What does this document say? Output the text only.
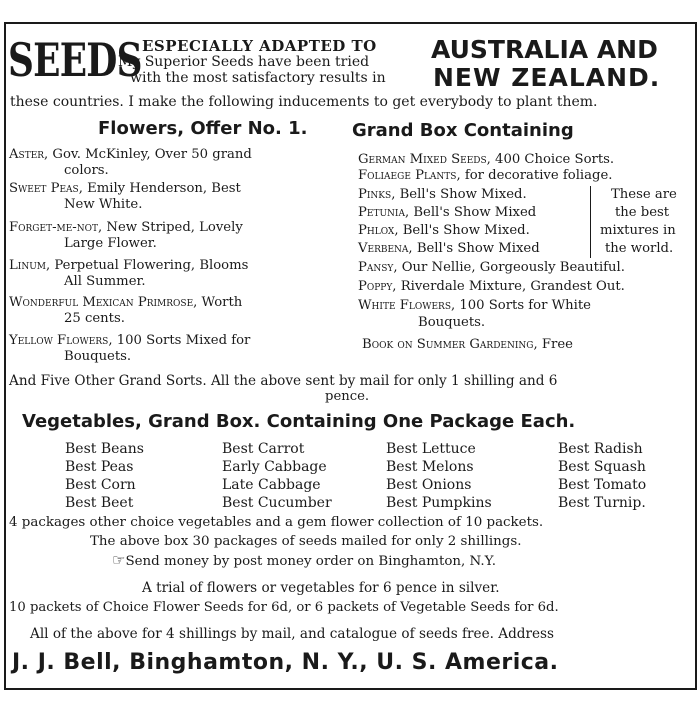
SEEDS ESPECIALLY ADAPTED TO
My Superior Seeds have been tried
with the most satisfactory results in
AUSTRALIA AND
NEW ZEALAND.
these countries. I make the following inducements to get everybody to plant them.
Flowers, Offer No. 1. Grand Box Containing
Aster, Gov. McKinley, Over 50 grand
colors.
Sweet Peas, Emily Henderson, Best
New White.
Forget-me-not, New Striped, Lovely
Large Flower.
Linum, Perpetual Flowering, Blooms
All Summer.
Wonderful Mexican Primrose, Worth
25 cents.
Yellow Flowers, 100 Sorts Mixed for
Bouquets.
German Mixed Seeds, 400 Choice Sorts.
Foliaege Plants, for decorative foliage.
Pinks, Bell's Show Mixed.
Petunia, Bell's Show Mixed
Phlox, Bell's Show Mixed.
Verbena, Bell's Show Mixed
These are
the best
mixtures in
the world.
Pansy, Our Nellie, Gorgeously Beautiful.
Poppy, Riverdale Mixture, Grandest Out.
White Flowers, 100 Sorts for White
Bouquets.
Book on Summer Gardening, Free
And Five Other Grand Sorts. All the above sent by mail for only 1 shilling and 6
pence.
Vegetables, Grand Box. Containing One Package Each.
Best Beans
Best Peas
Best Corn
Best Beet
Best Carrot
Early Cabbage
Late Cabbage
Best Cucumber
Best Lettuce
Best Melons
Best Onions
Best Pumpkins
Best Radish
Best Squash
Best Tomato
Best Turnip.
4 packages other choice vegetables and a gem flower collection of 10 packets.
The above box 30 packages of seeds mailed for only 2 shillings.
☞Send money by post money order on Binghamton, N.Y.
A trial of flowers or vegetables for 6 pence in silver.
10 packets of Choice Flower Seeds for 6d, or 6 packets of Vegetable Seeds for 6d.
All of the above for 4 shillings by mail, and catalogue of seeds free. Address
J. J. Bell, Binghamton, N. Y., U. S. America.
